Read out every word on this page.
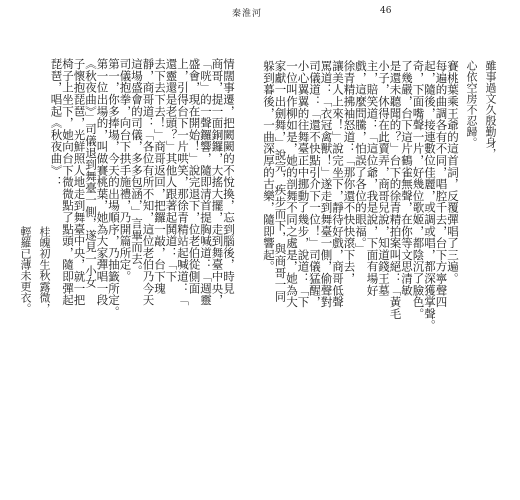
秦淮河	46
雖事過文久殷勤身，
心依空房不忍歸。
賽桃葉乘王爺的這首詞，反覆彈唱了三遍。
每遍的曲調各有不同，唱腔千去，台下方寧聲四
起，隨後，接連數位佳麗，或調或唱，都深獲掌聲。
奇，下面嘴聲一片，好幾位歌姬，都陰沉了臉色。
了幾嚴，台下這片鶴雀無聲，在你等文思清敏
是還未聽聞的？」台下的徐青精拍案叫絕：「黃毛
小子，休得在此賣弄，商哥兒說，知道錢王墓
主，賠笑道：「這位爺，我是說，下面有場好
戲，這麼問騰，怕誤了各位的眼福。」
徐青精拂袖怒道：「那你還不快快滾下去，
讓美人上來！」說完坐下，靜待好戲，商哥低聲
罵道：「衣冠禽獸！」遂走到舞臺一側，偷聲對
司儀道：「還不快點引介下一位！」司儀猛醒，
小心翼翼的往舞臺正中挪動了幾步，說道：「下
一位叫作柳如是，她的剖舞不同之處是，她為大
家獻一出劍舞，」說完，疾步而下，與商哥一同
躲到暮後，一曲深厚的古樂，隨即響起。
情闊事遷，把闕闕的不悅換，忘到腦後，時見
商哥，提一面銅鑼，大搖大擺，走到舞臺中央，
「咣」的一聲鑼響，隨即清首提胸喊道：「週靈
盛會，現在開始！」說完退下，位老伯從側面
上，引得台下一片哄笑，那徐青精站起喊道：「
還靈還是老頭？」其他人跟著起鬨道：「下
去下去下去！」商哥返回，把鑼一敲，台下瑰
靜，商哥道：「各位有所不知，這位老伯乃今天
這場盛會的司儀，多多包涵，」言畢而去。
司儀抱拳，向台下拱手施禮，乃開篇所定。
第一，你多捧場，今天的出場順序，乃抽籤所定。
第一位出場的，叫做賽桃葉，她為大家彈唱一段
《秋夜曲》」司儀退到舞臺一側，遂見一小女
子懷抱琵琶，光鮮照人地走到舞臺中央，就一把
椅子上坐下，她向台下微微點了點頭，隨即彈起
琵琶，唱起《秋夜曲》：
桂魄初生秋露微，
輕羅已薄未更衣。
